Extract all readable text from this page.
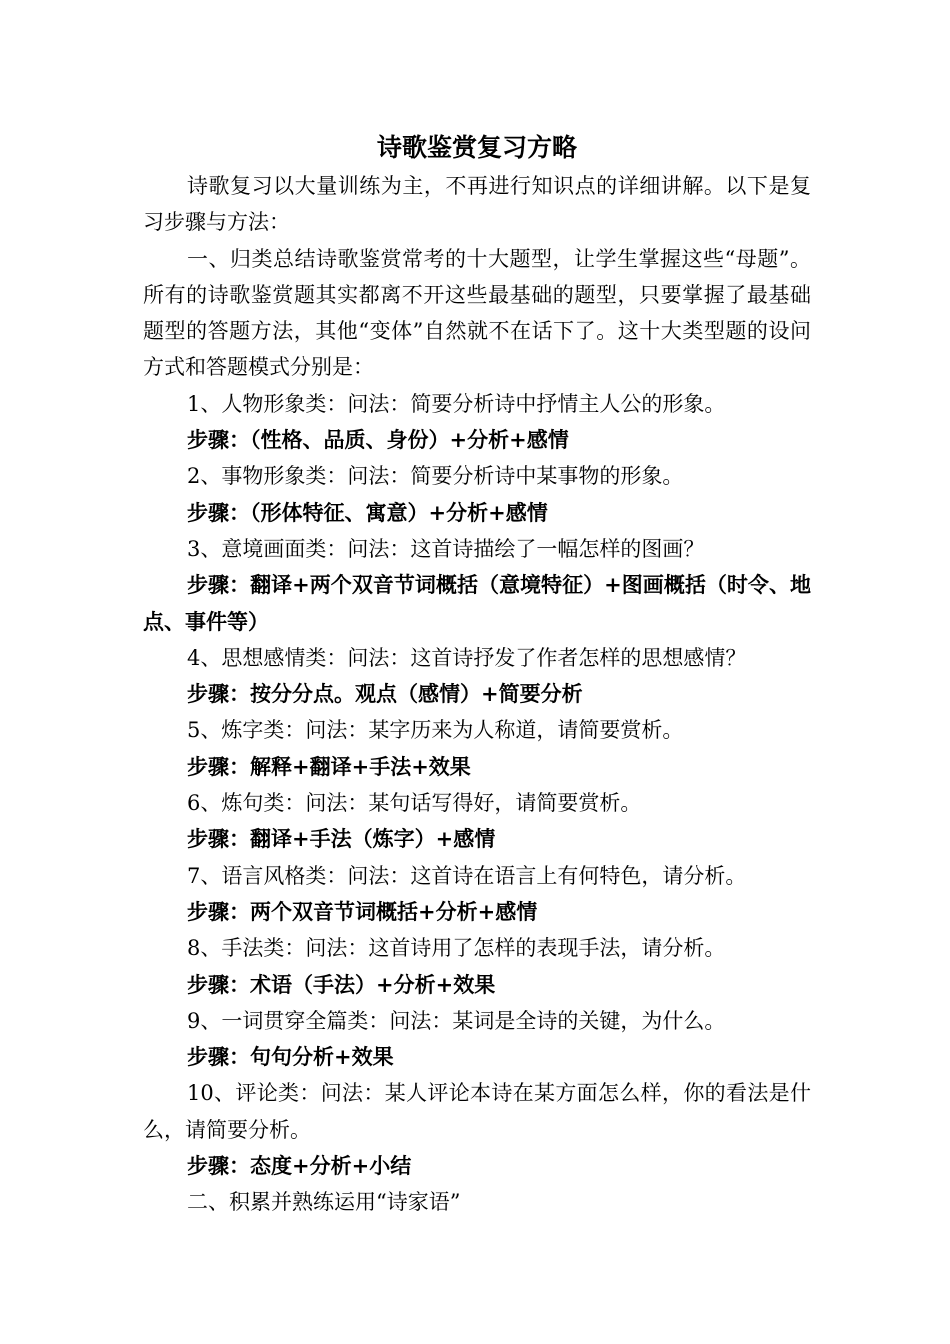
诗歌鉴赏复习方略

诗歌复习以大量训练为主，不再进行知识点的详细讲解。以下是复习步骤与方法：

一、归类总结诗歌鉴赏常考的十大题型，让学生掌握这些“母题”。所有的诗歌鉴赏题其实都离不开这些最基础的题型，只要掌握了最基础题型的答题方法，其他“变体”自然就不在话下了。这十大类型题的设问方式和答题模式分别是：

1、人物形象类：问法：简要分析诗中抒情主人公的形象。

步骤：（性格、品质、身份）+分析+感情

2、事物形象类：问法：简要分析诗中某事物的形象。

步骤：（形体特征、寓意）+分析+感情

3、意境画面类：问法：这首诗描绘了一幅怎样的图画？

步骤：翻译+两个双音节词概括（意境特征）+图画概括（时令、地点、事件等）

4、思想感情类：问法：这首诗抒发了作者怎样的思想感情？

步骤：按分分点。观点（感情）+简要分析

5、炼字类：问法：某字历来为人称道，请简要赏析。

步骤：解释+翻译+手法+效果

6、炼句类：问法：某句话写得好，请简要赏析。

步骤：翻译+手法（炼字）+感情

7、语言风格类：问法：这首诗在语言上有何特色，请分析。

步骤：两个双音节词概括+分析+感情

8、手法类：问法：这首诗用了怎样的表现手法，请分析。

步骤：术语（手法）+分析+效果

9、一词贯穿全篇类：问法：某词是全诗的关键，为什么。

步骤：句句分析+效果

10、评论类：问法：某人评论本诗在某方面怎么样，你的看法是什么，请简要分析。

步骤：态度+分析+小结

二、积累并熟练运用“诗家语”
